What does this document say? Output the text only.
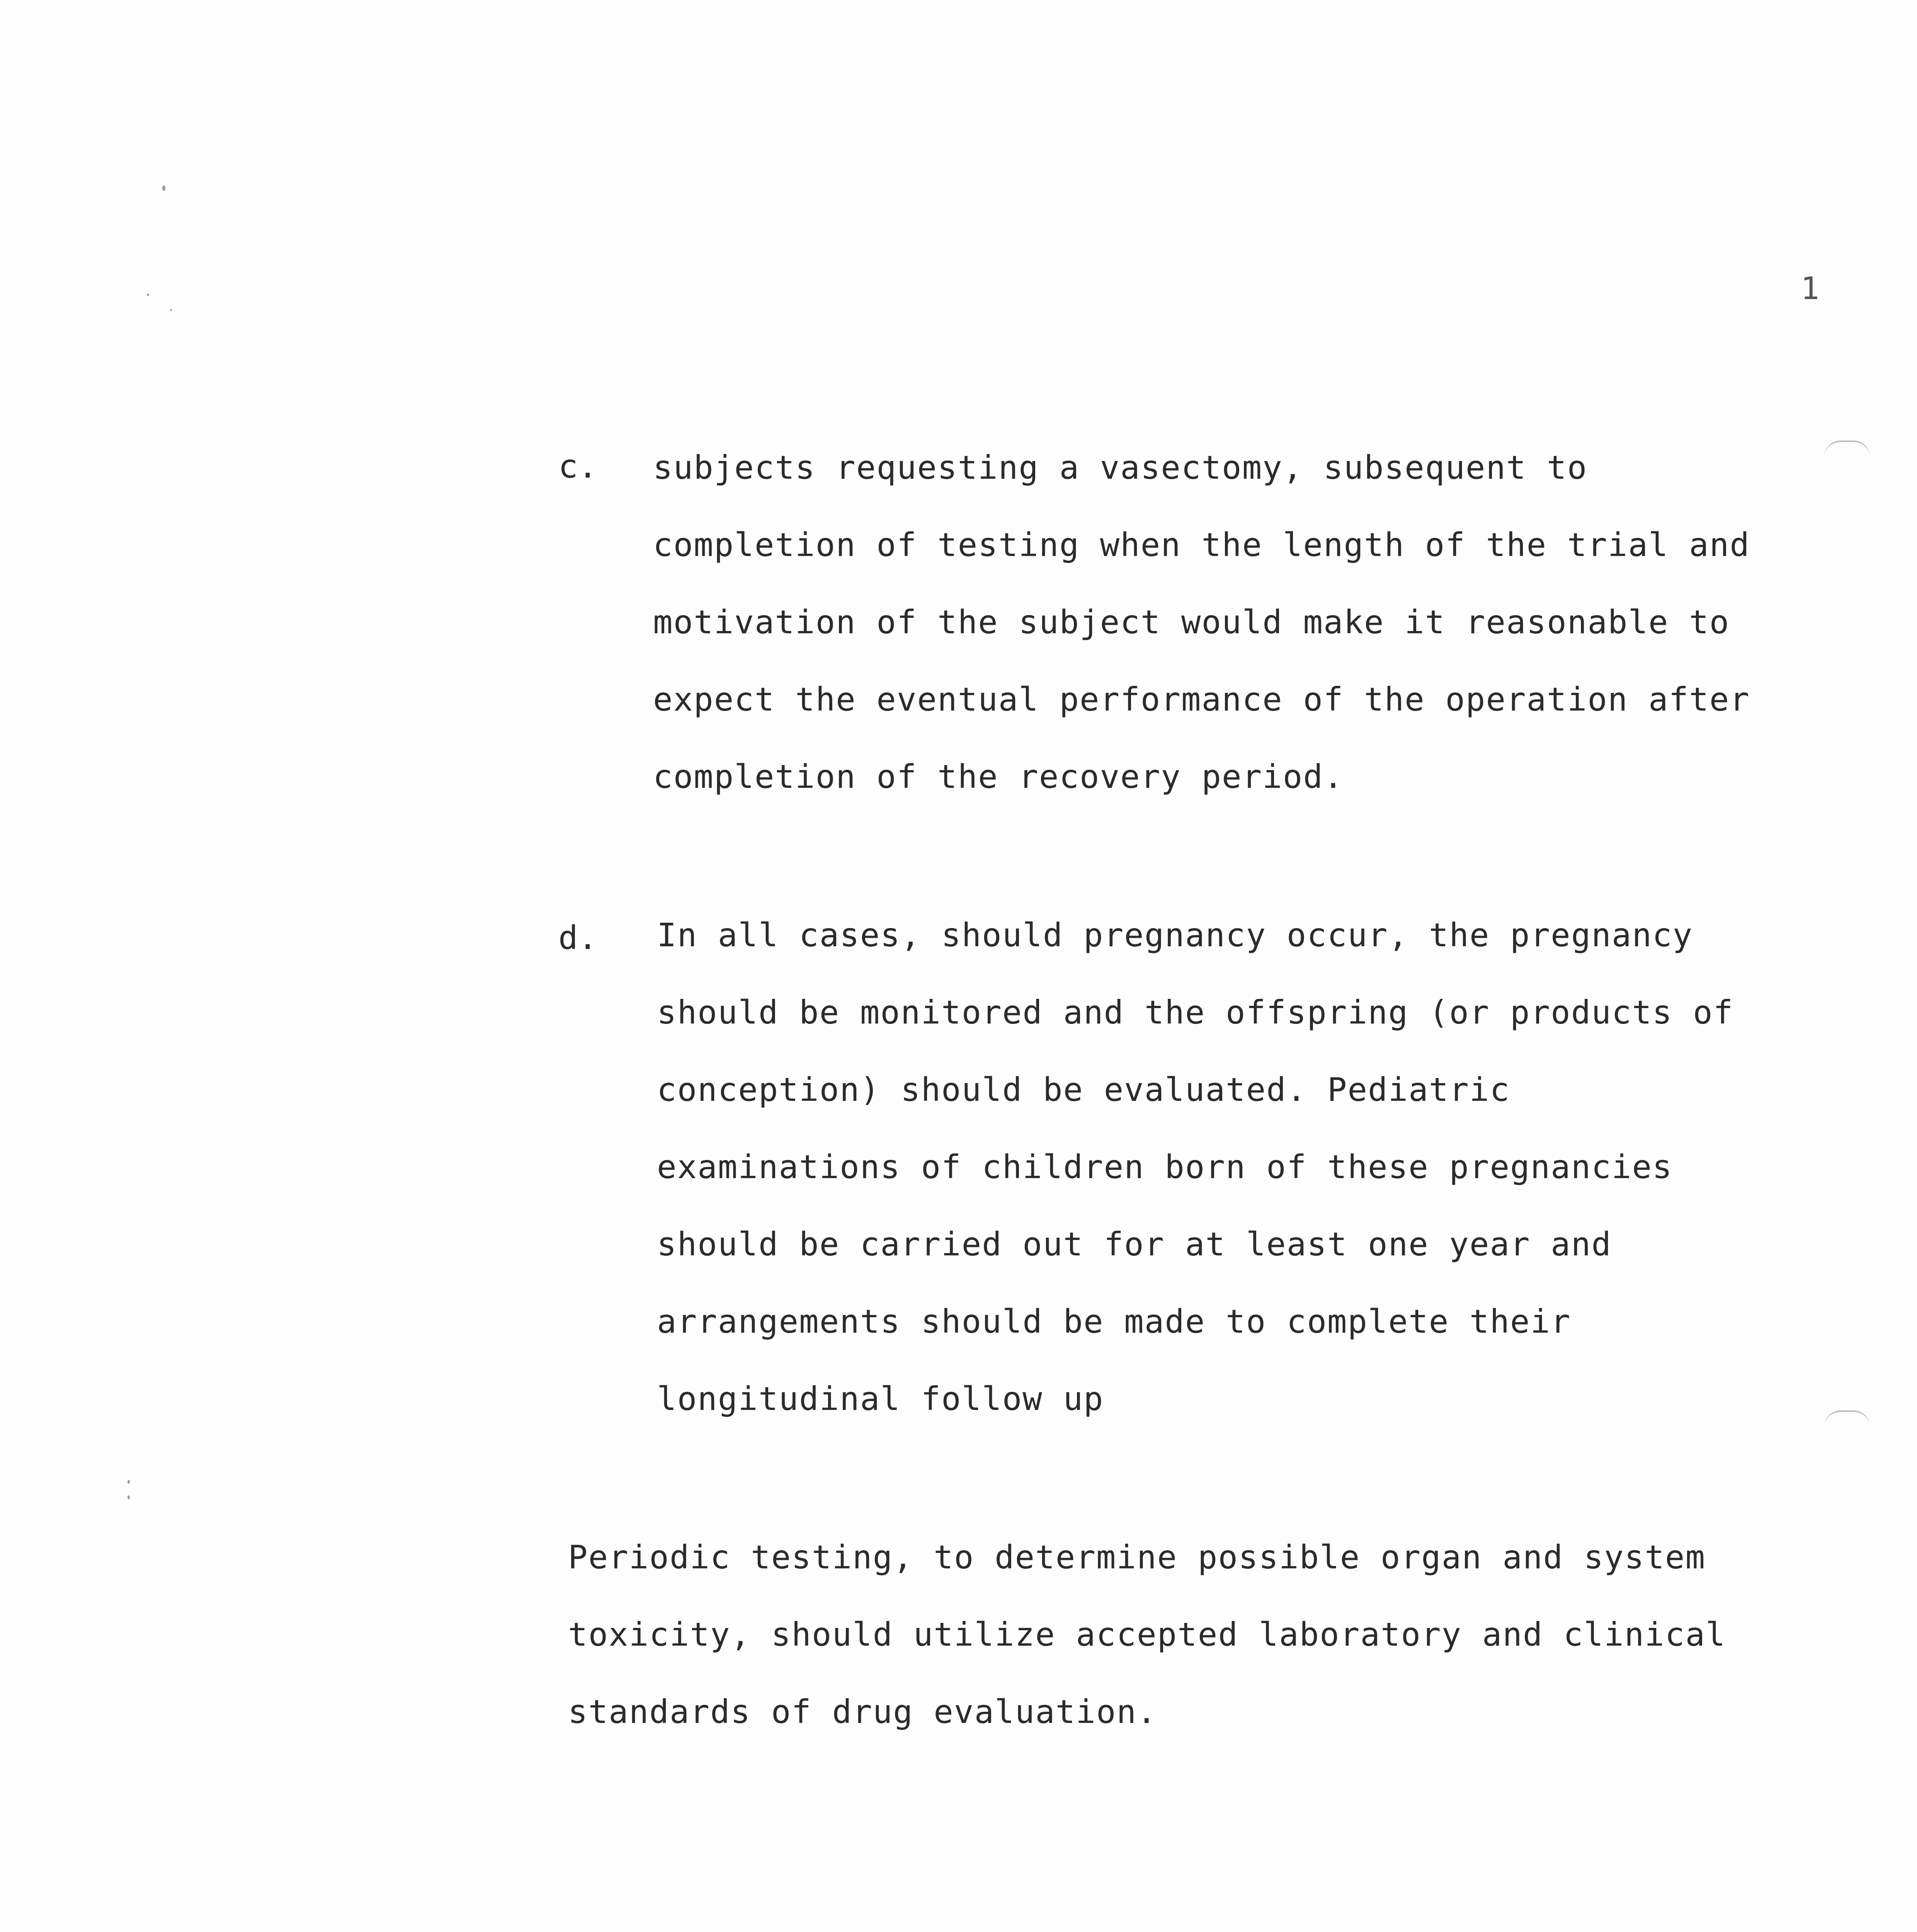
1
c. subjects requesting a vasectomy, subsequent to
completion of testing when the length of the trial and
motivation of the subject would make it reasonable to
expect the eventual performance of the operation after
completion of the recovery period.
d. In all cases, should pregnancy occur, the pregnancy
should be monitored and the offspring (or products of
conception) should be evaluated. Pediatric
examinations of children born of these pregnancies
should be carried out for at least one year and
arrangements should be made to complete their
longitudinal follow up
Periodic testing, to determine possible organ and system
toxicity, should utilize accepted laboratory and clinical
standards of drug evaluation.
